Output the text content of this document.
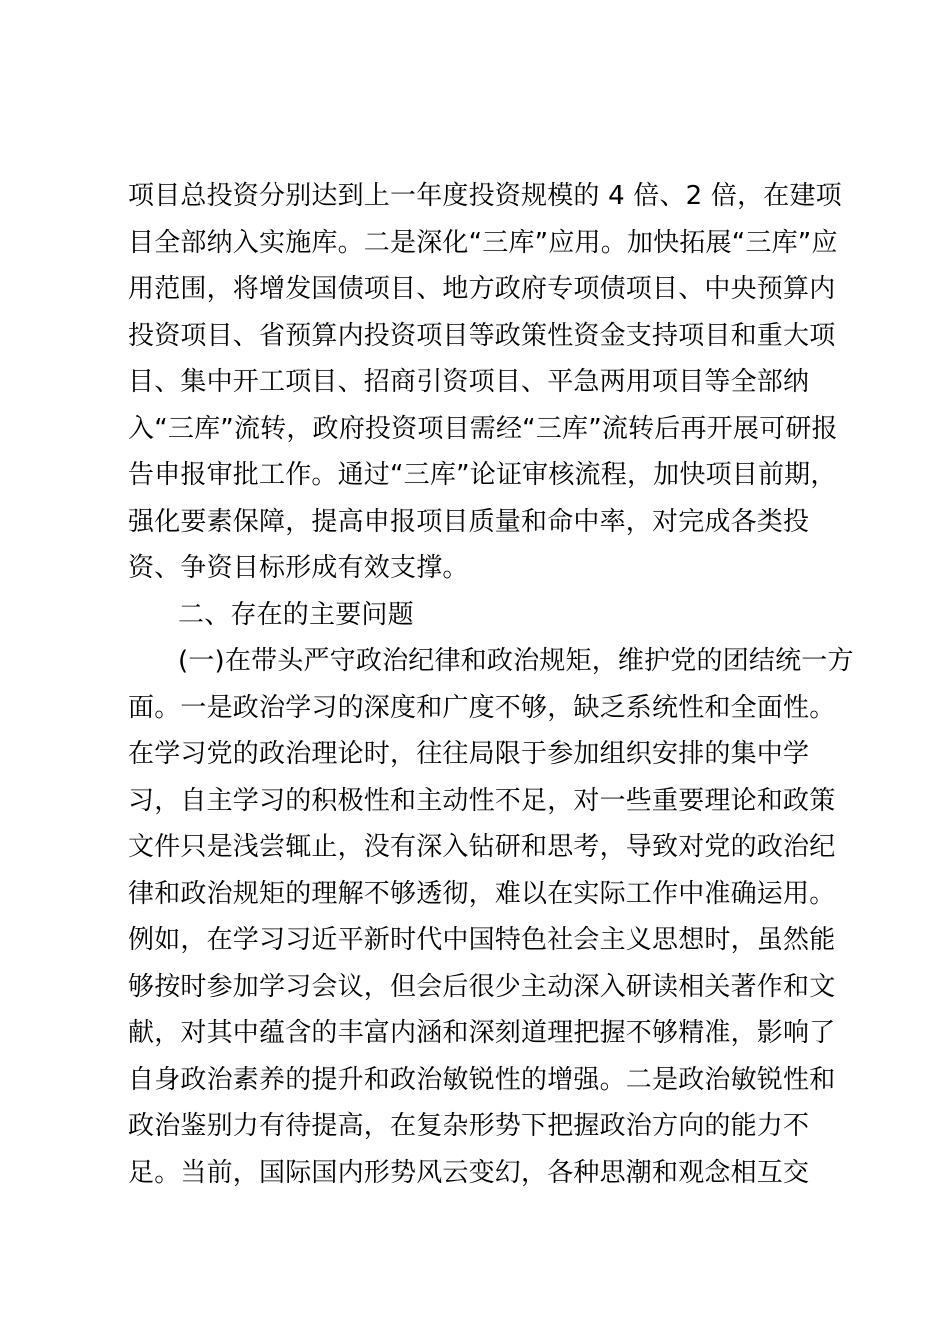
项目总投资分别达到上一年度投资规模的 4 倍、2 倍，在建项
目全部纳入实施库。二是深化“三库”应用。加快拓展“三库”应
用范围，将增发国债项目、地方政府专项债项目、中央预算内
投资项目、省预算内投资项目等政策性资金支持项目和重大项
目、集中开工项目、招商引资项目、平急两用项目等全部纳
入“三库”流转，政府投资项目需经“三库”流转后再开展可研报
告申报审批工作。通过“三库”论证审核流程，加快项目前期，
强化要素保障，提高申报项目质量和命中率，对完成各类投
资、争资目标形成有效支撑。
二、存在的主要问题
(一)在带头严守政治纪律和政治规矩，维护党的团结统一方
面。一是政治学习的深度和广度不够，缺乏系统性和全面性。
在学习党的政治理论时，往往局限于参加组织安排的集中学
习，自主学习的积极性和主动性不足，对一些重要理论和政策
文件只是浅尝辄止，没有深入钻研和思考，导致对党的政治纪
律和政治规矩的理解不够透彻，难以在实际工作中准确运用。
例如，在学习习近平新时代中国特色社会主义思想时，虽然能
够按时参加学习会议，但会后很少主动深入研读相关著作和文
献，对其中蕴含的丰富内涵和深刻道理把握不够精准，影响了
自身政治素养的提升和政治敏锐性的增强。二是政治敏锐性和
政治鉴别力有待提高，在复杂形势下把握政治方向的能力不
足。当前，国际国内形势风云变幻，各种思潮和观念相互交
